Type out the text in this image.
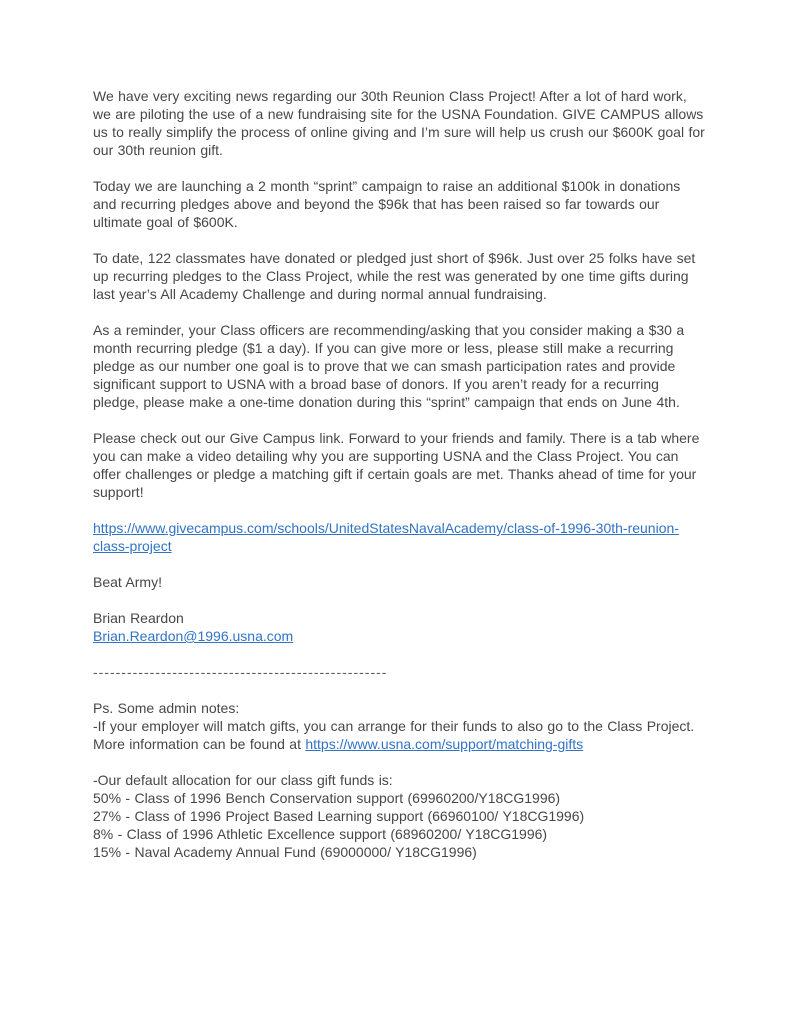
We have very exciting news regarding our 30th Reunion Class Project! After a lot of hard work, we are piloting the use of a new fundraising site for the USNA Foundation. GIVE CAMPUS allows us to really simplify the process of online giving and I’m sure will help us crush our $600K goal for our 30th reunion gift.

Today we are launching a 2 month “sprint” campaign to raise an additional $100k in donations and recurring pledges above and beyond the $96k that has been raised so far towards our ultimate goal of $600K.

To date, 122 classmates have donated or pledged just short of $96k. Just over 25 folks have set up recurring pledges to the Class Project, while the rest was generated by one time gifts during last year’s All Academy Challenge and during normal annual fundraising.

As a reminder, your Class officers are recommending/asking that you consider making a $30 a month recurring pledge ($1 a day). If you can give more or less, please still make a recurring pledge as our number one goal is to prove that we can smash participation rates and provide significant support to USNA with a broad base of donors. If you aren’t ready for a recurring pledge, please make a one-time donation during this “sprint” campaign that ends on June 4th.

Please check out our Give Campus link. Forward to your friends and family. There is a tab where you can make a video detailing why you are supporting USNA and the Class Project. You can offer challenges or pledge a matching gift if certain goals are met. Thanks ahead of time for your support!

https://www.givecampus.com/schools/UnitedStatesNavalAcademy/class-of-1996-30th-reunion-class-project

Beat Army!

Brian Reardon
Brian.Reardon@1996.usna.com

----------------------------------------------------

Ps. Some admin notes:
-If your employer will match gifts, you can arrange for their funds to also go to the Class Project. More information can be found at https://www.usna.com/support/matching-gifts

-Our default allocation for our class gift funds is:
50% - Class of 1996 Bench Conservation support (69960200/Y18CG1996)
27% - Class of 1996 Project Based Learning support (66960100/ Y18CG1996)
8% - Class of 1996 Athletic Excellence support (68960200/ Y18CG1996)
15% - Naval Academy Annual Fund (69000000/ Y18CG1996)
